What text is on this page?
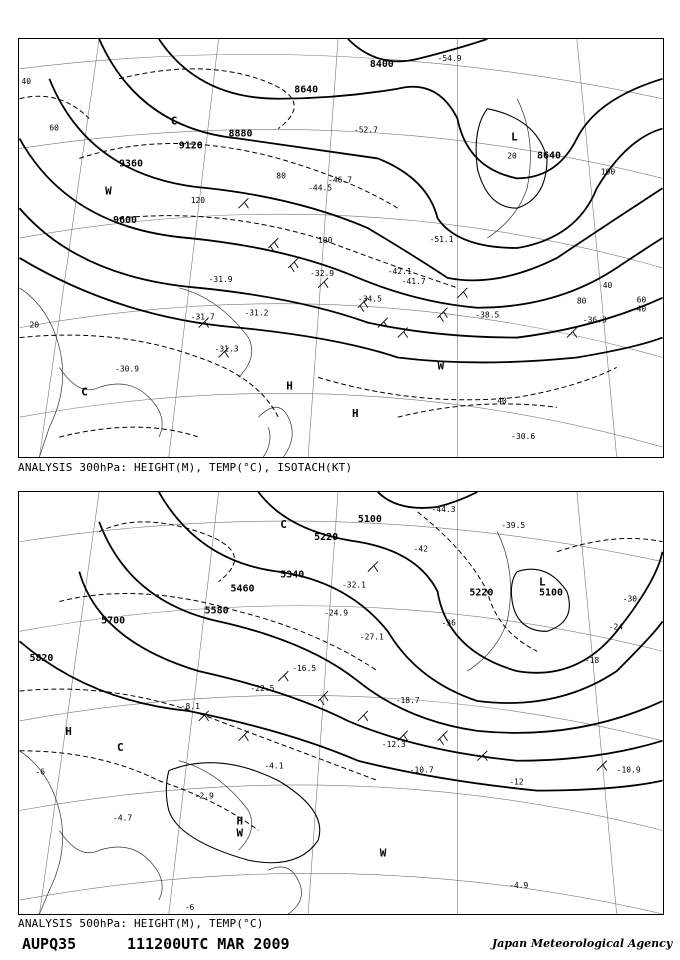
8400
8640
8880
9120
9360
9600
8640
40
60
80
100
120
100
80	60
40
20
40
40
20
-54.9
-52.7
-51.1
-46.7
-44.5
-42.1
-41.7
-38.5
-36.3
-34.5
-32.9
-31.9
-31.7	-31.2
-31.3
-30.9
-30.6
L
H
H
C
C
W
W
ANALYSIS 300hPa: HEIGHT(M), TEMP(°C), ISOTACH(KT)
5100
5220
5340
5460
5580
5700
5820
5100
5220
-42
-36
-30
-24
-18
-12
-6
-6
-44.3
-39.5
-32.1
-27.1
-24.9
-22.5
-18.7
-16.5
-12.3
-10.9
-10.7
-4.7
-4.9
-2.9
-4.1
-8.1
L
H
H
C
C
W
W
ANALYSIS 500hPa: HEIGHT(M), TEMP(°C)
AUPQ35	111200UTC MAR 2009	Japan Meteorological Agency
